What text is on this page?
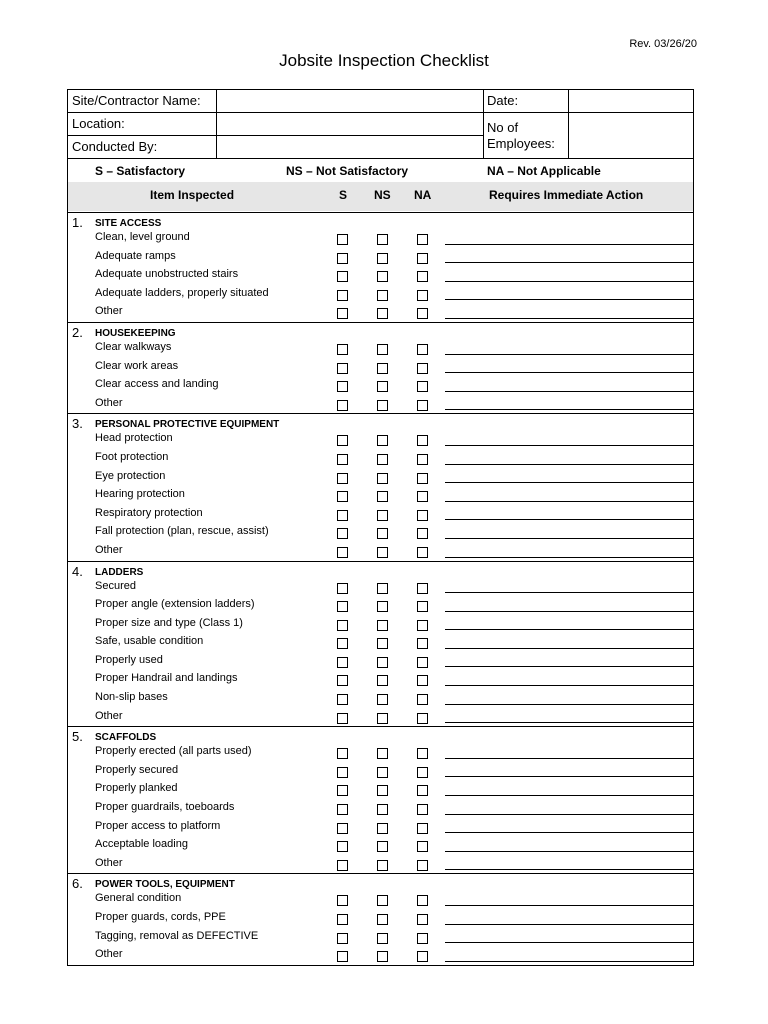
Rev. 03/26/20
Jobsite Inspection Checklist
Site/Contractor Name:	Date:
Location:	No of Employees:
Conducted By:
S – Satisfactory	NS – Not Satisfactory	NA – Not Applicable
Item Inspected	S NS NA	Requires Immediate Action
1. SITE ACCESS
Clean, level ground
Adequate ramps
Adequate unobstructed stairs
Adequate ladders, properly situated
Other
2. HOUSEKEEPING
Clear walkways
Clear work areas
Clear access and landing
Other
3. PERSONAL PROTECTIVE EQUIPMENT
Head protection
Foot protection
Eye protection
Hearing protection
Respiratory protection
Fall protection (plan, rescue, assist)
Other
4. LADDERS
Secured
Proper angle (extension ladders)
Proper size and type (Class 1)
Safe, usable condition
Properly used
Proper Handrail and landings
Non-slip bases
Other
5. SCAFFOLDS
Properly erected (all parts used)
Properly secured
Properly planked
Proper guardrails, toeboards
Proper access to platform
Acceptable loading
Other
6. POWER TOOLS, EQUIPMENT
General condition
Proper guards, cords, PPE
Tagging, removal as DEFECTIVE
Other
